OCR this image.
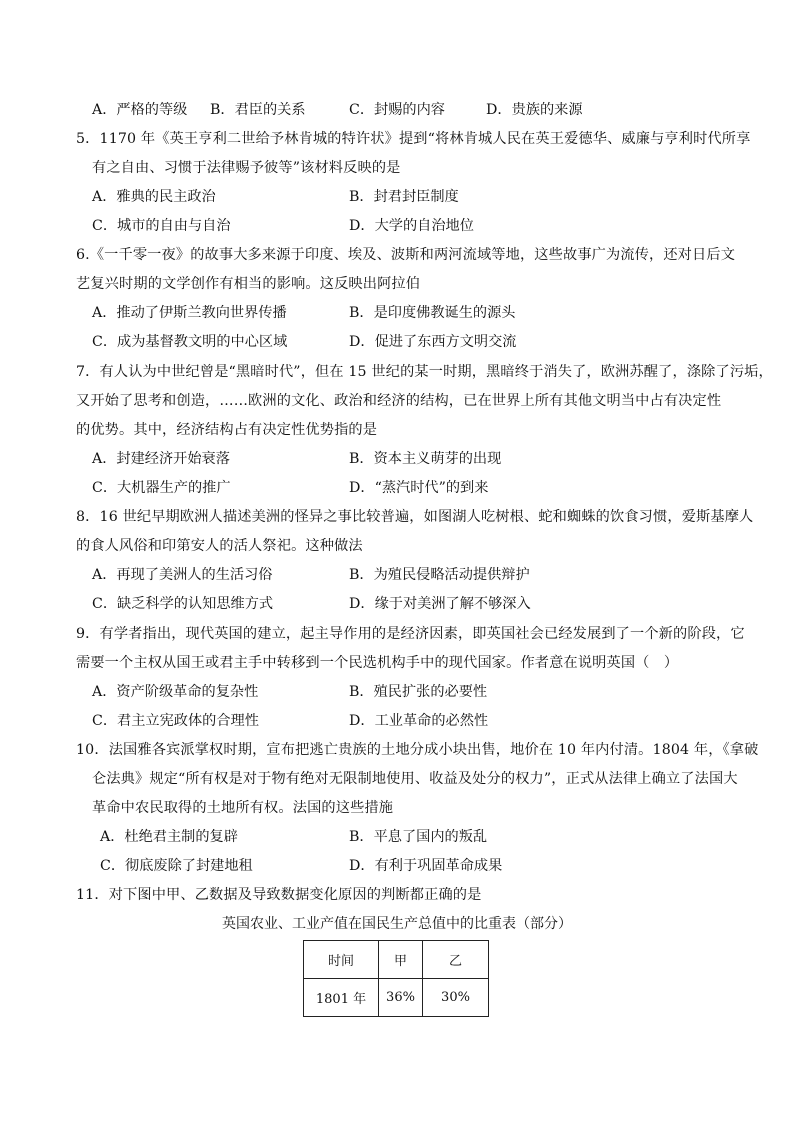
A．严格的等级 B．君臣的关系	C．封赐的内容	D．贵族的来源
5．1170 年《英王亨利二世给予林肯城的特许状》提到“将林肯城人民在英王爱德华、威廉与亨利时代所享
有之自由、习惯于法律赐予彼等”该材料反映的是
A．雅典的民主政治	B．封君封臣制度
C．城市的自由与自治	D．大学的自治地位
6.《一千零一夜》的故事大多来源于印度、埃及、波斯和两河流域等地，这些故事广为流传，还对日后文
艺复兴时期的文学创作有相当的影响。这反映出阿拉伯
A．推动了伊斯兰教向世界传播	B．是印度佛教诞生的源头
C．成为基督教文明的中心区域	D．促进了东西方文明交流
7．有人认为中世纪曾是“黑暗时代”，但在 15 世纪的某一时期，黑暗终于消失了，欧洲苏醒了，涤除了污垢，
又开始了思考和创造，……欧洲的文化、政治和经济的结构，已在世界上所有其他文明当中占有决定性
的优势。其中，经济结构占有决定性优势指的是
A．封建经济开始衰落	B．资本主义萌芽的出现
C．大机器生产的推广	D．“蒸汽时代”的到来
8．16 世纪早期欧洲人描述美洲的怪异之事比较普遍，如图湖人吃树根、蛇和蜘蛛的饮食习惯，爱斯基摩人
的食人风俗和印第安人的活人祭祀。这种做法
A．再现了美洲人的生活习俗	B．为殖民侵略活动提供辩护
C．缺乏科学的认知思维方式	D．缘于对美洲了解不够深入
9．有学者指出，现代英国的建立，起主导作用的是经济因素，即英国社会已经发展到了一个新的阶段，它
需要一个主权从国王或君主手中转移到一个民选机构手中的现代国家。作者意在说明英国（　）
A．资产阶级革命的复杂性	B．殖民扩张的必要性
C．君主立宪政体的合理性	D．工业革命的必然性
10．法国雅各宾派掌权时期，宣布把逃亡贵族的土地分成小块出售，地价在 10 年内付清。1804 年，《拿破
仑法典》规定“所有权是对于物有绝对无限制地使用、收益及处分的权力”，正式从法律上确立了法国大
革命中农民取得的土地所有权。法国的这些措施
A．杜绝君主制的复辟	B．平息了国内的叛乱
C．彻底废除了封建地租	D．有利于巩固革命成果
11．对下图中甲、乙数据及导致数据变化原因的判断都正确的是
英国农业、工业产值在国民生产总值中的比重表（部分）
时间	甲	乙
1801 年	36%	30%
